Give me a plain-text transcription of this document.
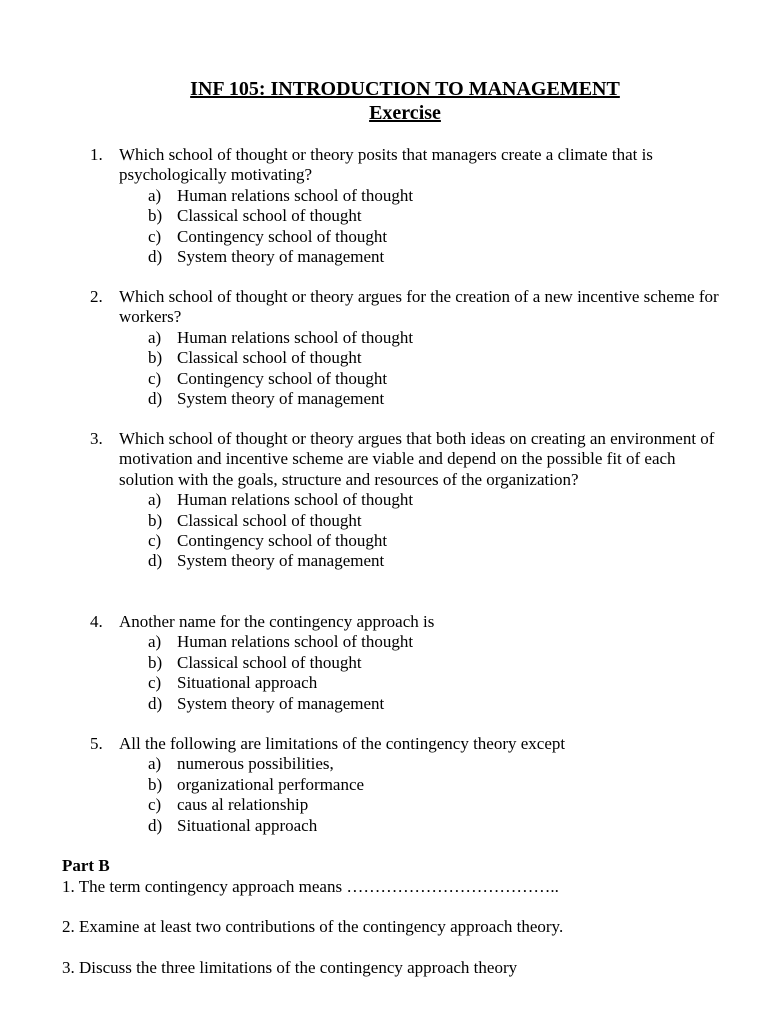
INF 105: INTRODUCTION TO MANAGEMENT
Exercise
1. Which school of thought or theory posits that managers create a climate that is psychologically motivating?
a) Human relations school of thought
b) Classical school of thought
c) Contingency school of thought
d) System theory of management
2. Which school of thought or theory argues for the creation of a new incentive scheme for workers?
a) Human relations school of thought
b) Classical school of thought
c) Contingency school of thought
d) System theory of management
3. Which school of thought or theory argues that both ideas on creating an environment of motivation and incentive scheme are viable and depend on the possible fit of each solution with the goals, structure and resources of the organization?
a) Human relations school of thought
b) Classical school of thought
c) Contingency school of thought
d) System theory of management
4. Another name for the contingency approach is
a) Human relations school of thought
b) Classical school of thought
c) Situational approach
d) System theory of management
5. All the following are limitations of the contingency theory except
a) numerous possibilities,
b) organizational performance
c) caus al relationship
d) Situational approach
Part B
1. The term contingency approach means ………………………………..
2. Examine at least two contributions of the contingency approach theory.
3. Discuss the three limitations of the contingency approach theory
